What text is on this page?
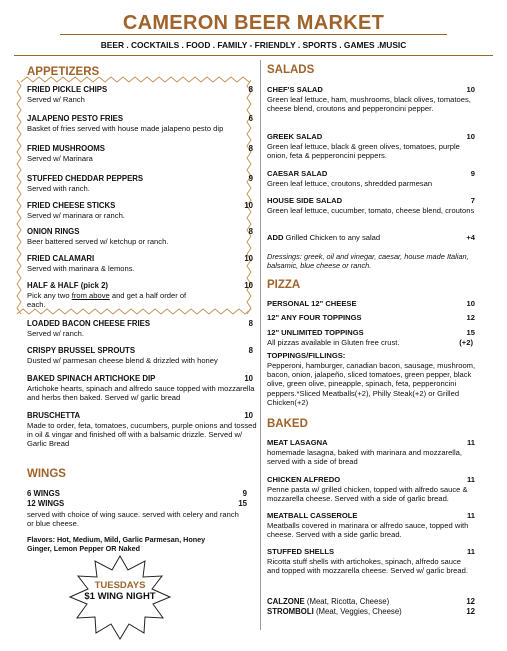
CAMERON BEER MARKET
BEER . COCKTAILS . FOOD . FAMILY - FRIENDLY . SPORTS . GAMES .MUSIC
APPETIZERS
FRIED PICKLE CHIPS	8
Served w/ Ranch
JALAPENO PESTO FRIES	6
Basket of fries served with house made jalapeno pesto dip
FRIED MUSHROOMS	8
Served w/ Marinara
STUFFED CHEDDAR PEPPERS	9
Served with ranch.
FRIED CHEESE STICKS	10
Served w/ marinara or ranch.
ONION RINGS	8
Beer battered served w/ ketchup or ranch.
FRIED CALAMARI	10
Served with marinara & lemons.
HALF & HALF (pick 2)	10
Pick any two from above and get a half order of each.
LOADED BACON CHEESE FRIES	8
Served w/ ranch.
CRISPY BRUSSEL SPROUTS	8
Dusted w/ parmesan cheese blend & drizzled with honey
BAKED SPINACH ARTICHOKE DIP	10
Artichoke hearts, spinach and alfredo sauce topped with mozzarella and herbs then baked. Served w/ garlic bread
BRUSCHETTA	10
Made to order, feta, tomatoes, cucumbers, purple onions and tossed in oil & vingar and finished off with a balsamic drizzle. Served w/ Garlic Bread
WINGS
6 WINGS	9
12 WINGS	15
served with choice of wing sauce. served with celery and ranch or blue cheese.
Flavors: Hot, Medium, Mild, Garlic Parmesan, Honey Ginger, Lemon Pepper OR Naked
TUESDAYS
$1 WING NIGHT
SALADS
CHEF'S SALAD	10
Green leaf lettuce, ham, mushrooms, black olives, tomatoes, cheese blend, croutons and pepperoncini pepper.
GREEK SALAD	10
Green leaf lettuce, black & green olives, tomatoes, purple onion, feta & pepperoncini peppers.
CAESAR SALAD	9
Green leaf lettuce, croutons, shredded parmesan
HOUSE SIDE SALAD	7
Green leaf lettuce, cucumber, tomato, cheese blend, croutons
ADD Grilled Chicken to any salad	+4
Dressings: greek, oil and vinegar, caesar, house made Italian, balsamic, blue cheese or ranch.
PIZZA
PERSONAL 12" CHEESE	10
12" ANY FOUR TOPPINGS	12
12" UNLIMITED TOPPINGS	15
All pizzas available in Gluten free crust.	(+2)
TOPPINGS/FILLINGS:
Pepperoni, hamburger, canadian bacon, sausage, mushroom, bacon, onion, jalapeño, sliced tomatoes, green pepper, black olive, green olive, pineapple, spinach, feta, pepperoncini peppers.*Sliced Meatballs(+2), Philly Steak(+2) or Grilled Chicken(+2)
BAKED
MEAT LASAGNA	11
homemade lasagna, baked with marinara and mozzarella, served with a side of bread
CHICKEN ALFREDO	11
Penne pasta w/ grilled chicken, topped with alfredo sauce & mozzarella cheese. Served with a side of garlic bread.
MEATBALL CASSEROLE	11
Meatballs covered in marinara or alfredo sauce, topped with cheese. Served with a side garlic bread.
STUFFED SHELLS	11
Ricotta stuff shells with artichokes, spinach, alfredo sauce and topped with mozzarella cheese. Served w/ garlic bread.
CALZONE (Meat, Ricotta, Cheese)	12
STROMBOLI (Meat, Veggies, Cheese)	12
